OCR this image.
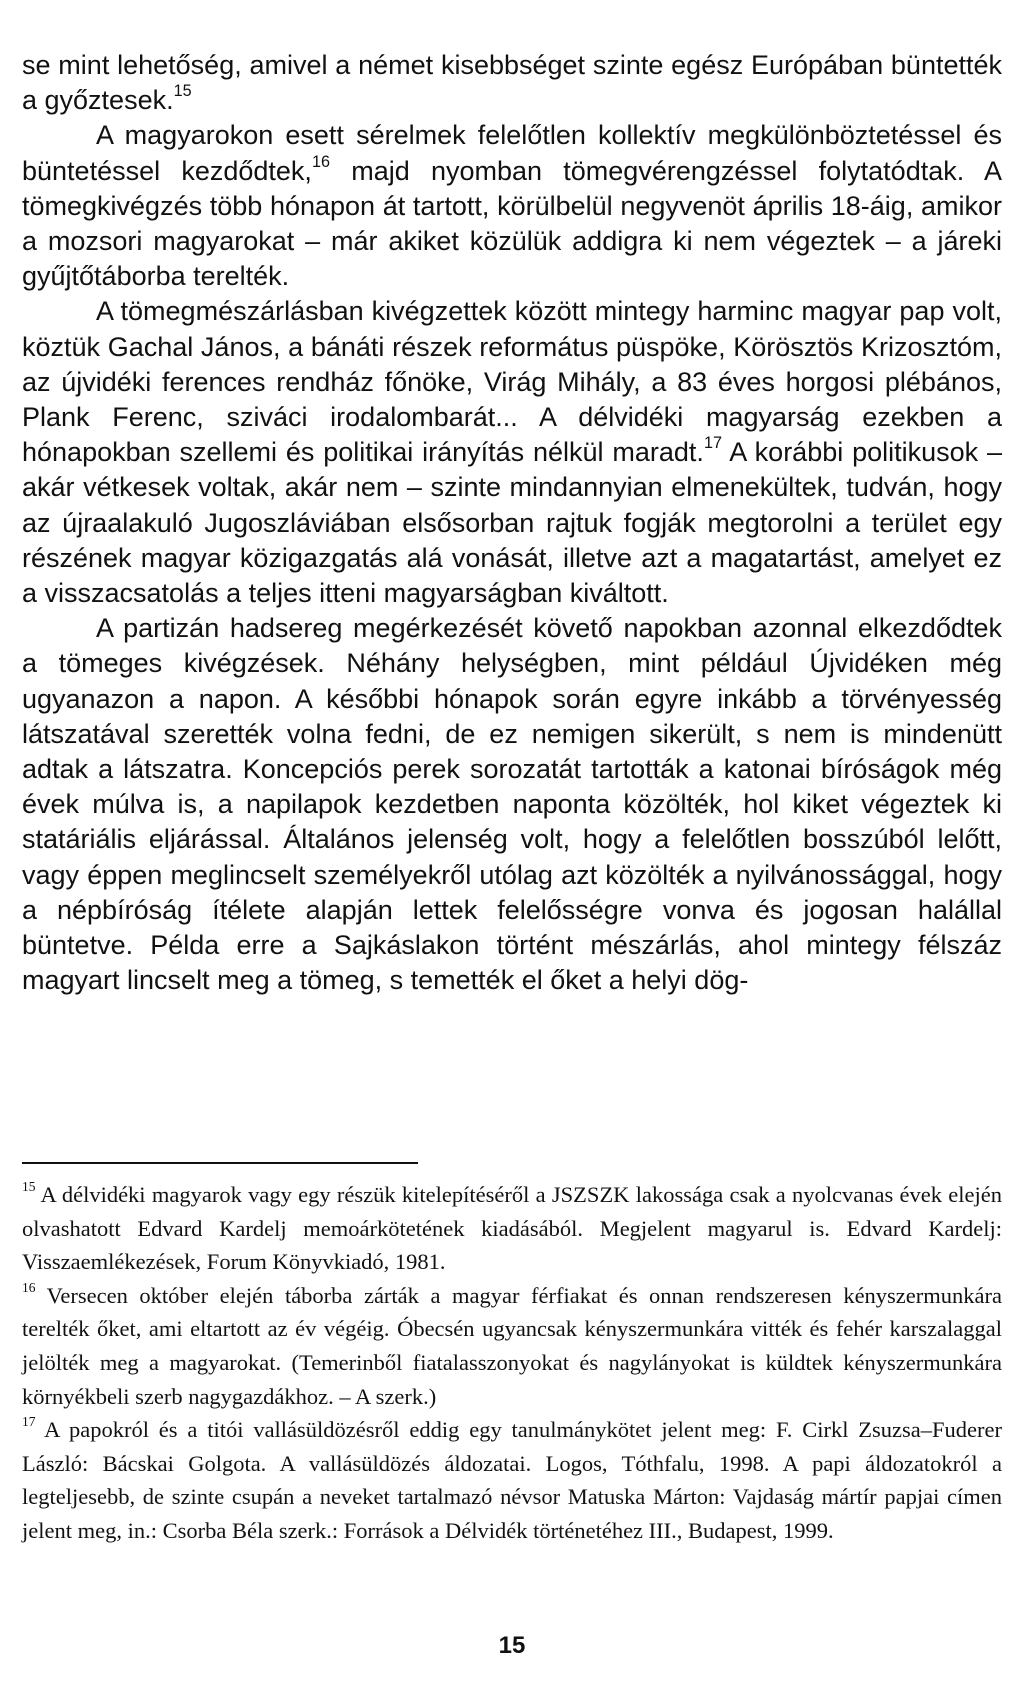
se mint lehetőség, amivel a német kisebbséget szinte egész Európában büntették a győztesek.$^{15}$

A magyarokon esett sérelmek felelőtlen kollektív megkülönböztetéssel és büntetéssel kezdődtek,$^{16}$ majd nyomban tömegvérengzéssel folytatódtak. A tömegkivégzés több hónapon át tartott, körülbelül negyvenöt április 18-áig, amikor a mozsori magyarokat – már akiket közülük addigra ki nem végeztek – a járeki gyűjtőtáborba terelték.

A tömegmészárlásban kivégzettek között mintegy harminc magyar pap volt, köztük Gachal János, a bánáti részek református püspöke, Körösztös Krizosztóm, az újvidéki ferences rendház főnöke, Virág Mihály, a 83 éves horgosi plébános, Plank Ferenc, sziváci irodalombarát... A délvidéki magyarság ezekben a hónapokban szellemi és politikai irányítás nélkül maradt.$^{17}$ A korábbi politikusok – akár vétkesek voltak, akár nem – szinte mindannyian elmenekültek, tudván, hogy az újraalakuló Jugoszláviában elsősorban rajtuk fogják megtorolni a terület egy részének magyar közigazgatás alá vonását, illetve azt a magatartást, amelyet ez a visszacsatolás a teljes itteni magyarságban kiváltott.

A partizán hadsereg megérkezését követő napokban azonnal elkezdődtek a tömeges kivégzések. Néhány helységben, mint például Újvidéken még ugyanazon a napon. A későbbi hónapok során egyre inkább a törvényesség látszatával szerették volna fedni, de ez nemigen sikerült, s nem is mindenütt adtak a látszatra. Koncepciós perek sorozatát tartották a katonai bíróságok még évek múlva is, a napilapok kezdetben naponta közölték, hol kiket végeztek ki statáriális eljárással. Általános jelenség volt, hogy a felelőtlen bosszúból lelőtt, vagy éppen meglincselt személyekről utólag azt közölték a nyilvánossággal, hogy a népbíróság ítélete alapján lettek felelősségre vonva és jogosan halállal büntetve. Példa erre a Sajkáslakon történt mészárlás, ahol mintegy félszáz magyart lincselt meg a tömeg, s temették el őket a helyi dög-

$^{15}$ A délvidéki magyarok vagy egy részük kitelepítéséről a JSZSZK lakossága csak a nyolcvanas évek elején olvashatott Edvard Kardelj memoárkötetének kiadásából. Megjelent magyarul is. Edvard Kardelj: Visszaemlékezések, Forum Könyvkiadó, 1981.

$^{16}$ Versecen október elején táborba zárták a magyar férfiakat és onnan rendszeresen kényszermunkára terelték őket, ami eltartott az év végéig. Óbecsén ugyancsak kényszermunkára vitték és fehér karszalaggal jelölték meg a magyarokat. (Temerinből fiatalasszonyokat és nagylányokat is küldtek kényszermunkára környékbeli szerb nagygazdákhoz. – A szerk.)

$^{17}$ A papokról és a titói vallásüldözésről eddig egy tanulmánykötet jelent meg: F. Cirkl Zsuzsa–Fuderer László: Bácskai Golgota. A vallásüldözés áldozatai. Logos, Tóthfalu, 1998. A papi áldozatokról a legteljesebb, de szinte csupán a neveket tartalmazó névsor Matuska Márton: Vajdaság mártír papjai címen jelent meg, in.: Csorba Béla szerk.: Források a Délvidék történetéhez III., Budapest, 1999.

15
